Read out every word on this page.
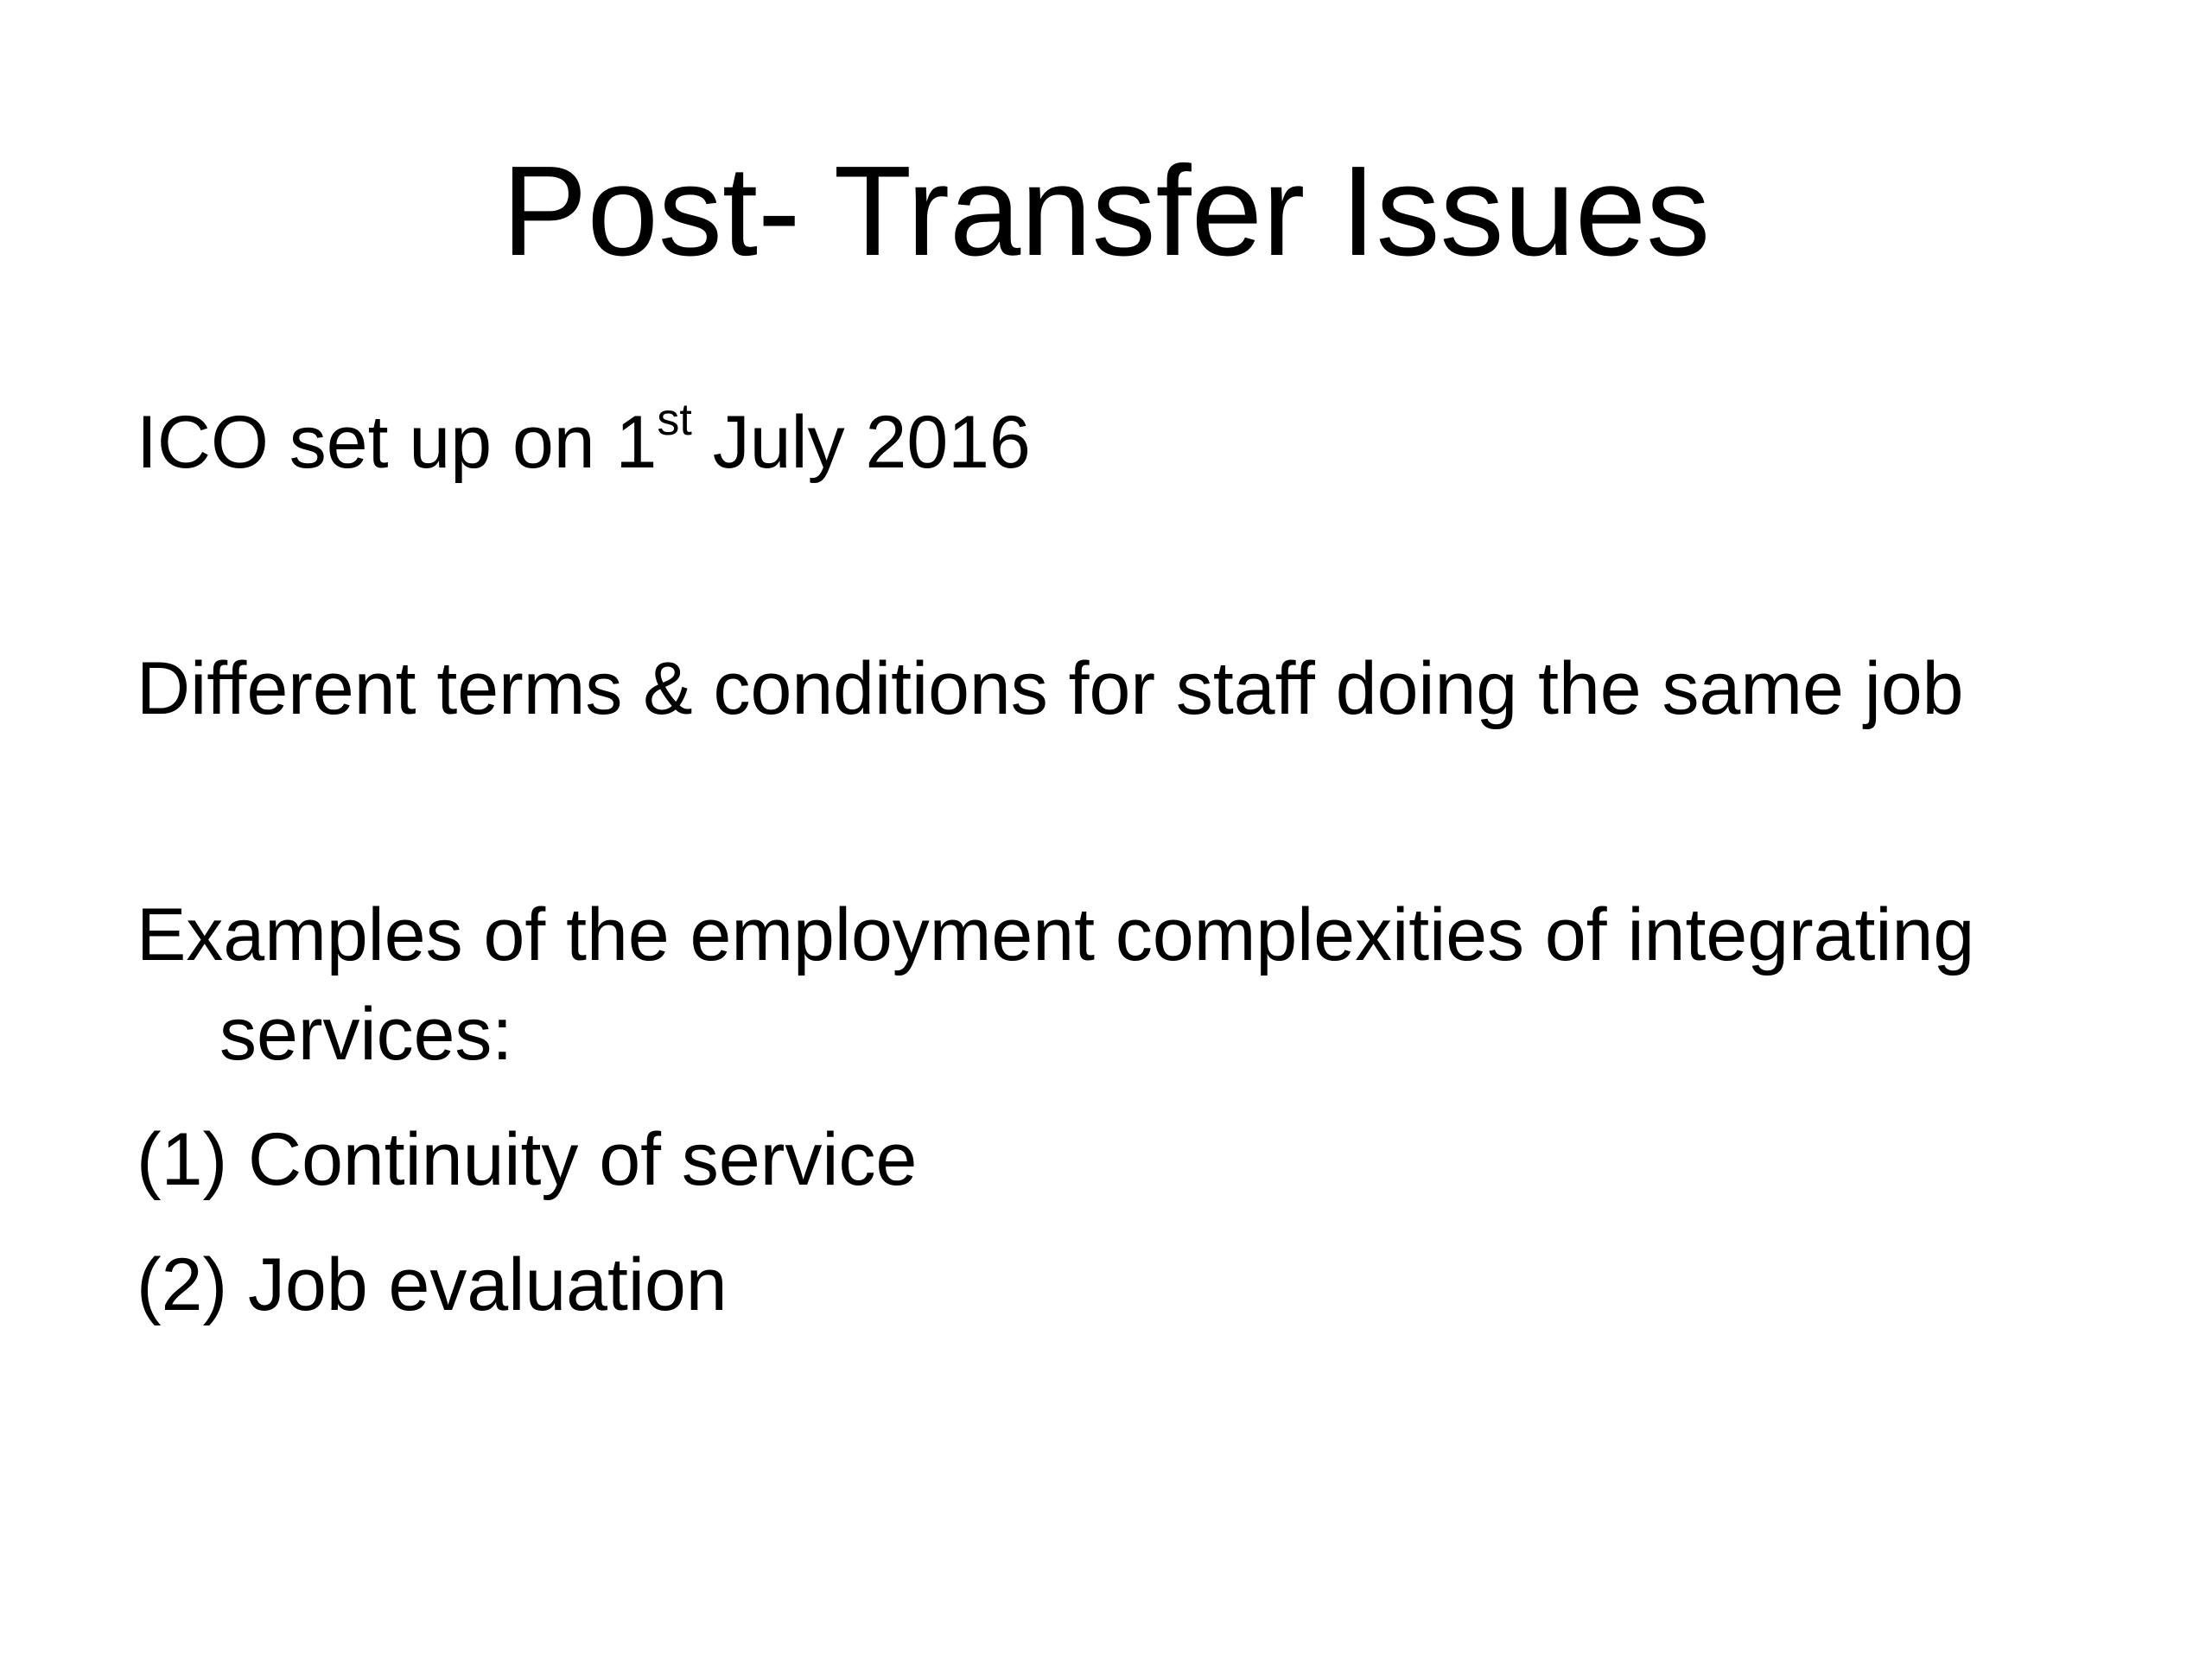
Post- Transfer Issues

ICO set up on 1st July 2016

Different terms & conditions for staff doing the same job

Examples of the employment complexities of integrating services:

(1) Continuity of service

(2) Job evaluation
